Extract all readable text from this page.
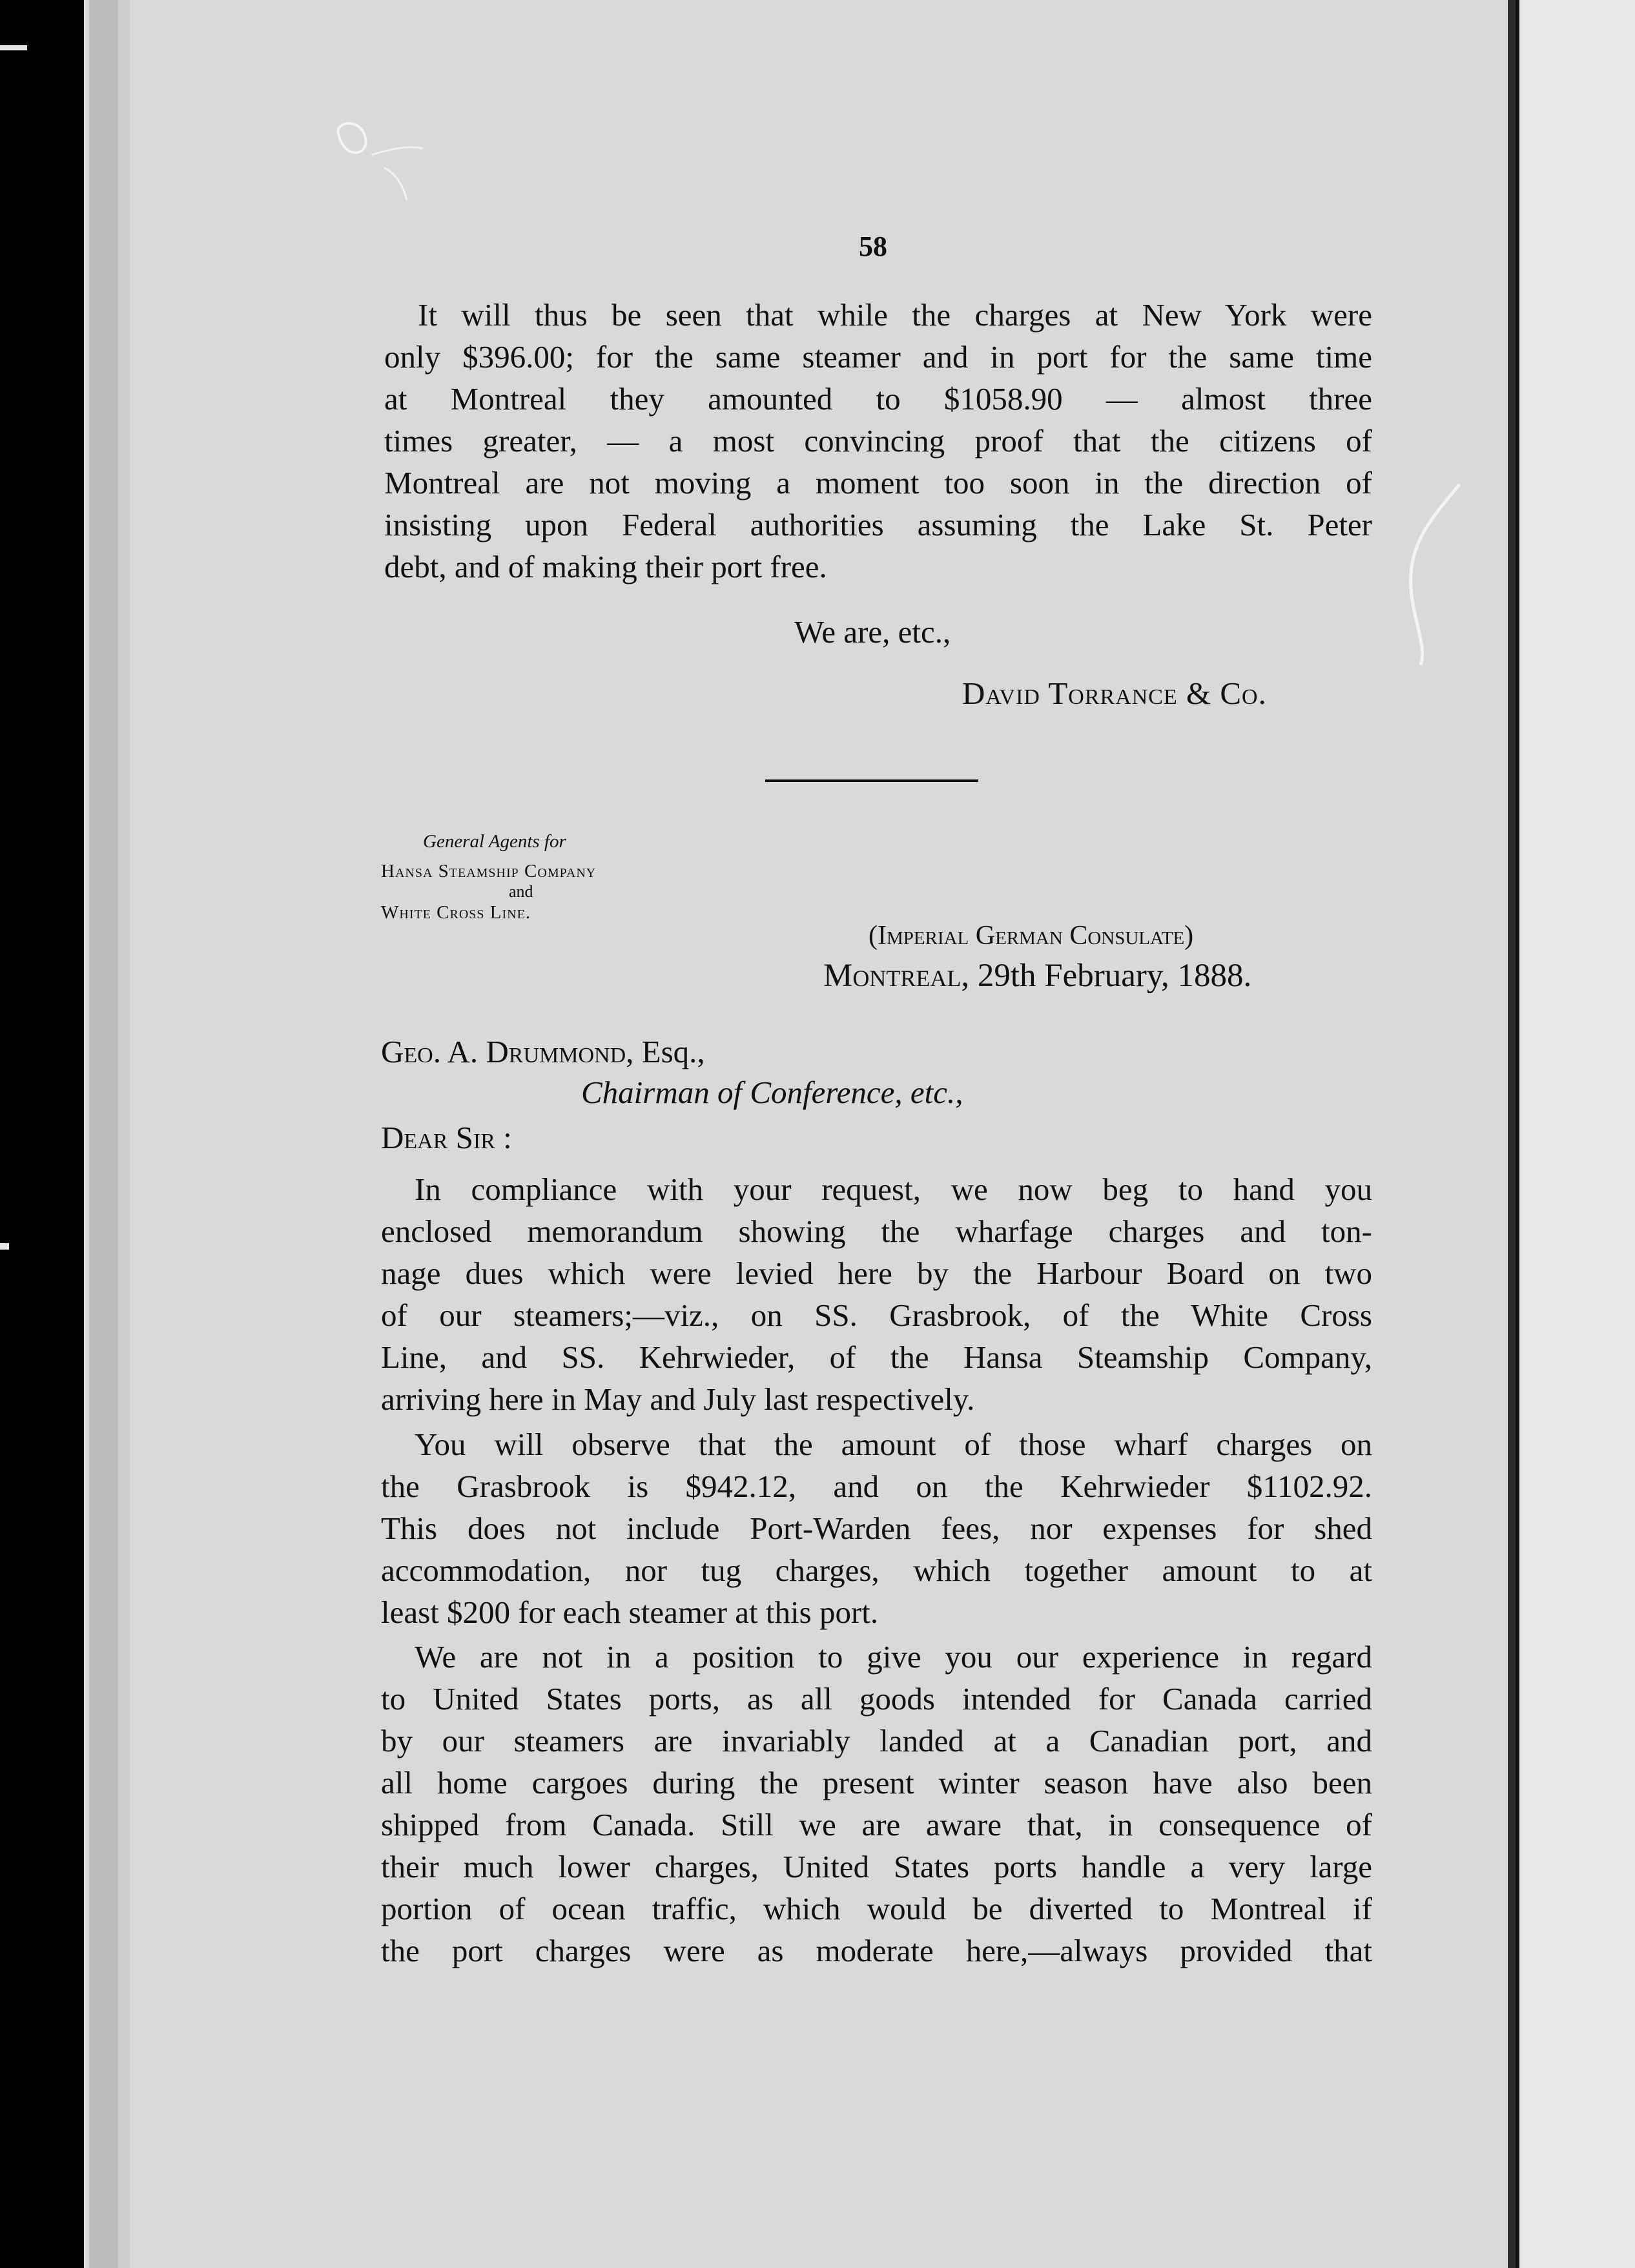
58
It will thus be seen that while the charges at New York were
only $396.00; for the same steamer and in port for the same time
at Montreal they amounted to $1058.90 — almost three
times greater, — a most convincing proof that the citizens of
Montreal are not moving a moment too soon in the direction of
insisting upon Federal authorities assuming the Lake St. Peter
debt, and of making their port free.
We are, etc.,
David Torrance & Co.
General Agents for
Hansa Steamship Company
and
White Cross Line.
(Imperial German Consulate)
Montreal, 29th February, 1888.
Geo. A. Drummond, Esq.,
Chairman of Conference, etc.,
Dear Sir :
In compliance with your request, we now beg to hand you
enclosed memorandum showing the wharfage charges and ton-
nage dues which were levied here by the Harbour Board on two
of our steamers;—viz., on SS. Grasbrook, of the White Cross
Line, and SS. Kehrwieder, of the Hansa Steamship Company,
arriving here in May and July last respectively.
You will observe that the amount of those wharf charges on
the Grasbrook is $942.12, and on the Kehrwieder $1102.92.
This does not include Port-Warden fees, nor expenses for shed
accommodation, nor tug charges, which together amount to at
least $200 for each steamer at this port.
We are not in a position to give you our experience in regard
to United States ports, as all goods intended for Canada carried
by our steamers are invariably landed at a Canadian port, and
all home cargoes during the present winter season have also been
shipped from Canada. Still we are aware that, in consequence of
their much lower charges, United States ports handle a very large
portion of ocean traffic, which would be diverted to Montreal if
the port charges were as moderate here,—always provided that
